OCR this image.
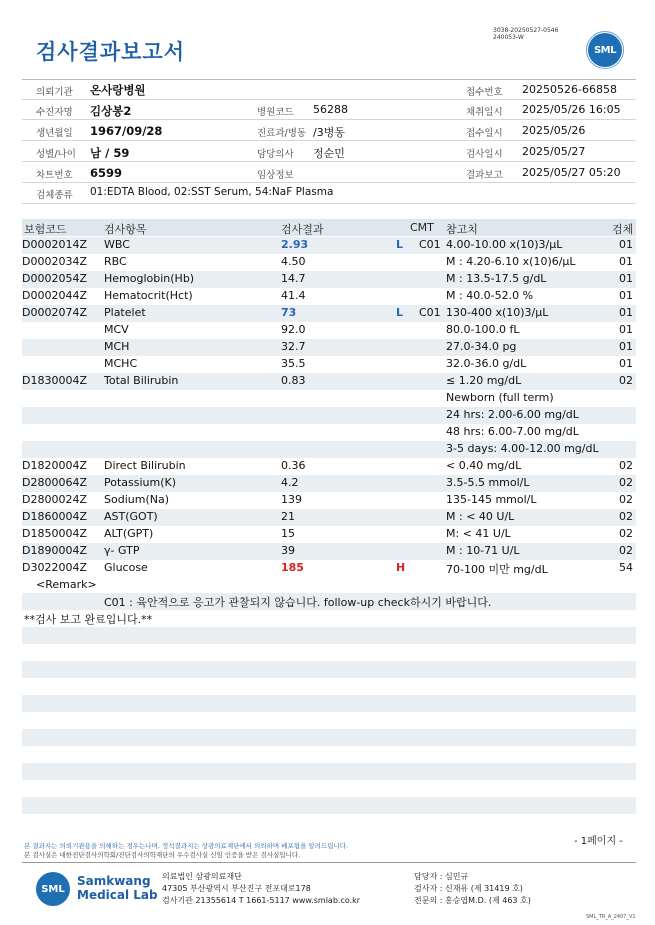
검사결과보고서
3038-20250527-0546
240053-W
SML
의뢰기관 온사랑병원	접수번호 20250526-66858
수진자명 김상봉2	병원코드 56288	채취일시 2025/05/26 16:05
생년월일 1967/09/28	진료과/병동 /3병동	접수일시 2025/05/26
성별/나이 남 / 59	담당의사 정순민	검사일시 2025/05/27
차트번호 6599	임상정보	결과보고 2025/05/27 05:20
검체종류 01:EDTA Blood, 02:SST Serum, 54:NaF Plasma
보험코드	검사항목	검사결과	CMT 참고치	검체
D0002014Z WBC	2.93	L C01 4.00-10.00 x(10)3/μL	01
D0002034Z RBC	4.50	M : 4.20-6.10 x(10)6/μL	01
D0002054Z Hemoglobin(Hb)	14.7	M : 13.5-17.5 g/dL	01
D0002044Z Hematocrit(Hct)	41.4	M : 40.0-52.0 %	01
D0002074Z Platelet	73	L C01 130-400 x(10)3/μL	01
MCV	92.0	80.0-100.0 fL	01
MCH	32.7	27.0-34.0 pg	01
MCHC	35.5	32.0-36.0 g/dL	01
D1830004Z Total Bilirubin	0.83	≤ 1.20 mg/dL	02
Newborn (full term)
24 hrs: 2.00-6.00 mg/dL
48 hrs: 6.00-7.00 mg/dL
3-5 days: 4.00-12.00 mg/dL
D1820004Z Direct Bilirubin	0.36	< 0.40 mg/dL	02
D2800064Z Potassium(K)	4.2	3.5-5.5 mmol/L	02
D2800024Z Sodium(Na)	139	135-145 mmol/L	02
D1860004Z AST(GOT)	21	M : < 40 U/L	02
D1850004Z ALT(GPT)	15	M: < 41 U/L	02
D1890004Z γ- GTP	39	M : 10-71 U/L	02
D3022004Z Glucose	185	H	70-100 미만 mg/dL	54
<Remark>
C01 : 육안적으로 응고가 관찰되지 않습니다. follow-up check하시기 바랍니다.
**검사 보고 완료입니다.**
본 결과지는 의뢰기관용을 의해하는 경우는나며, 정석결과지는 상광의료재단에서 의뢰하며 배포됩을 알려드립니다.
본 검사실은 대한진단검사의학회/진단검사의학재단의 우수검사실 신임 인증을 받은 검사실입니다.
- 1페이지 -
SML
Samkwang
Medical Lab
의료법인 삼광의료재단
47305 부산광역시 부산진구 전포대로178
검사기관 21355614 T 1661-5117 www.smlab.co.kr
담당자 : 심민규
검사자 : 신재유 (제 31419 호)
전문의 : 홍승엽M.D. (제 463 호)
SML_TR_A_2407_V1
